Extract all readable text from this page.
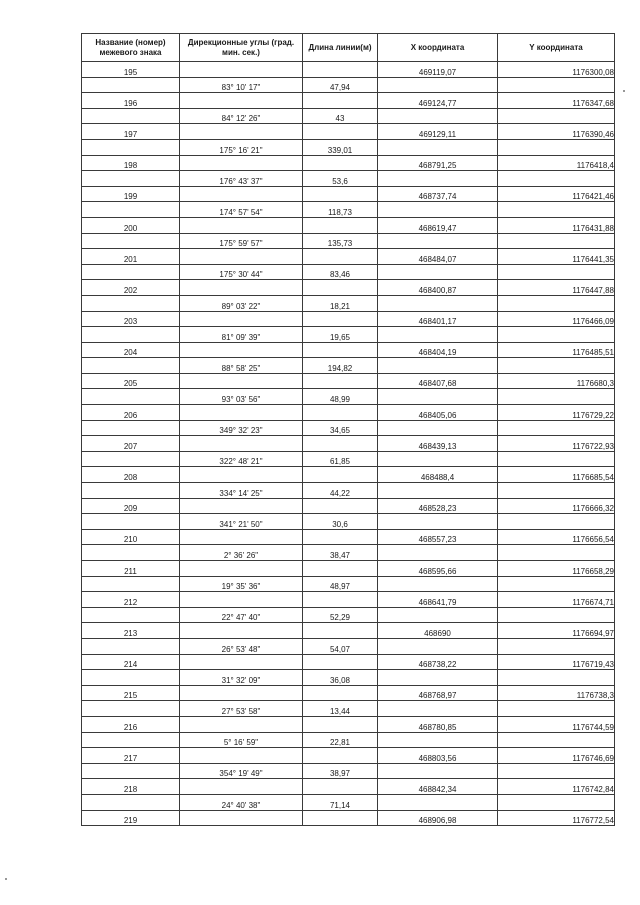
Название (номер) межевого знака	Дирекционные углы (град. мин. сек.)	Длина линии(м)	X координата	Y координата
195			469119,07	1176300,08
	83° 10' 17"	47,94		
196			469124,77	1176347,68
	84° 12' 26"	43		
197			469129,11	1176390,46
	175° 16' 21"	339,01		
198			468791,25	1176418,4
	176° 43' 37"	53,6		
199			468737,74	1176421,46
	174° 57' 54"	118,73		
200			468619,47	1176431,88
	175° 59' 57"	135,73		
201			468484,07	1176441,35
	175° 30' 44"	83,46		
202			468400,87	1176447,88
	89° 03' 22"	18,21		
203			468401,17	1176466,09
	81° 09' 39"	19,65		
204			468404,19	1176485,51
	88° 58' 25"	194,82		
205			468407,68	1176680,3
	93° 03' 56"	48,99		
206			468405,06	1176729,22
	349° 32' 23"	34,65		
207			468439,13	1176722,93
	322° 48' 21"	61,85		
208			468488,4	1176685,54
	334° 14' 25"	44,22		
209			468528,23	1176666,32
	341° 21' 50"	30,6		
210			468557,23	1176656,54
	2° 36' 26"	38,47		
211			468595,66	1176658,29
	19° 35' 36"	48,97		
212			468641,79	1176674,71
	22° 47' 40"	52,29		
213			468690	1176694,97
	26° 53' 48"	54,07		
214			468738,22	1176719,43
	31° 32' 09"	36,08		
215			468768,97	1176738,3
	27° 53' 58"	13,44		
216			468780,85	1176744,59
	5° 16' 59"	22,81		
217			468803,56	1176746,69
	354° 19' 49"	38,97		
218			468842,34	1176742,84
	24° 40' 38"	71,14		
219			468906,98	1176772,54
